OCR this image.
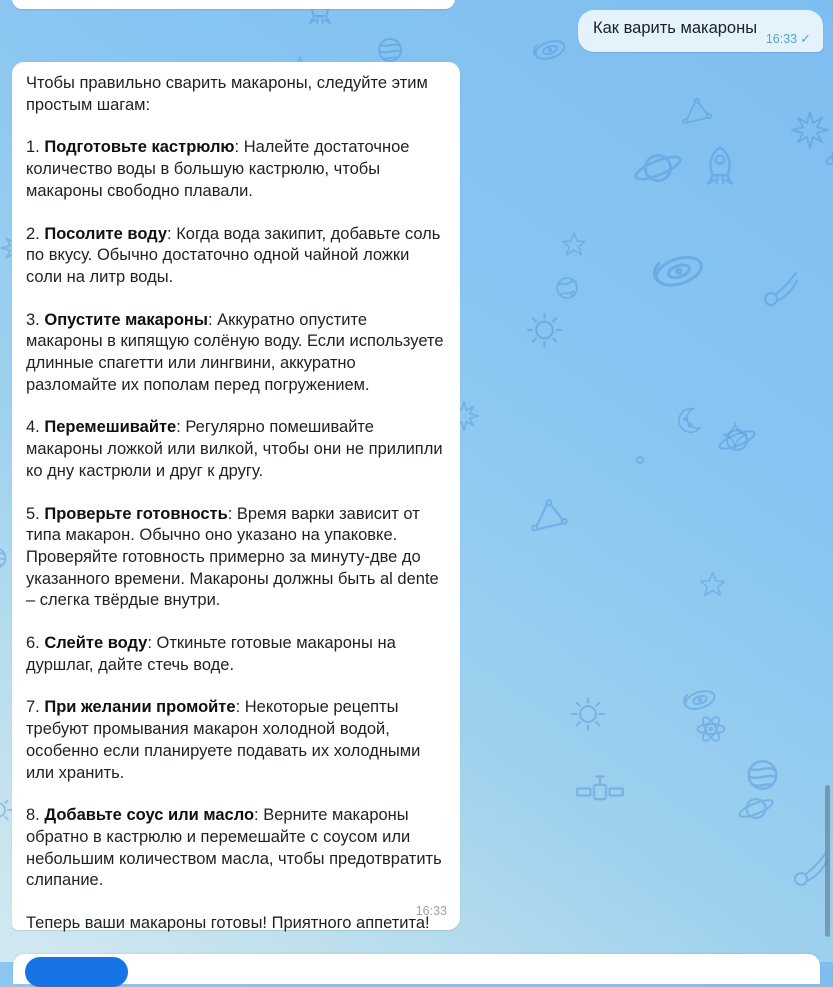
Как варить макароны
16:33 ✓

Чтобы правильно сварить макароны, следуйте этим простым шагам:

1. Подготовьте кастрюлю: Налейте достаточное количество воды в большую кастрюлю, чтобы макароны свободно плавали.

2. Посолите воду: Когда вода закипит, добавьте соль по вкусу. Обычно достаточно одной чайной ложки соли на литр воды.

3. Опустите макароны: Аккуратно опустите макароны в кипящую солёную воду. Если используете длинные спагетти или лингвини, аккуратно разломайте их пополам перед погружением.

4. Перемешивайте: Регулярно помешивайте макароны ложкой или вилкой, чтобы они не прилипли ко дну кастрюли и друг к другу.

5. Проверьте готовность: Время варки зависит от типа макарон. Обычно оно указано на упаковке. Проверяйте готовность примерно за минуту-две до указанного времени. Макароны должны быть al dente – слегка твёрдые внутри.

6. Слейте воду: Откиньте готовые макароны на дуршлаг, дайте стечь воде.

7. При желании промойте: Некоторые рецепты требуют промывания макарон холодной водой, особенно если планируете подавать их холодными или хранить.

8. Добавьте соус или масло: Верните макароны обратно в кастрюлю и перемешайте с соусом или небольшим количеством масла, чтобы предотвратить слипание.

Теперь ваши макароны готовы! Приятного аппетита!

16:33
